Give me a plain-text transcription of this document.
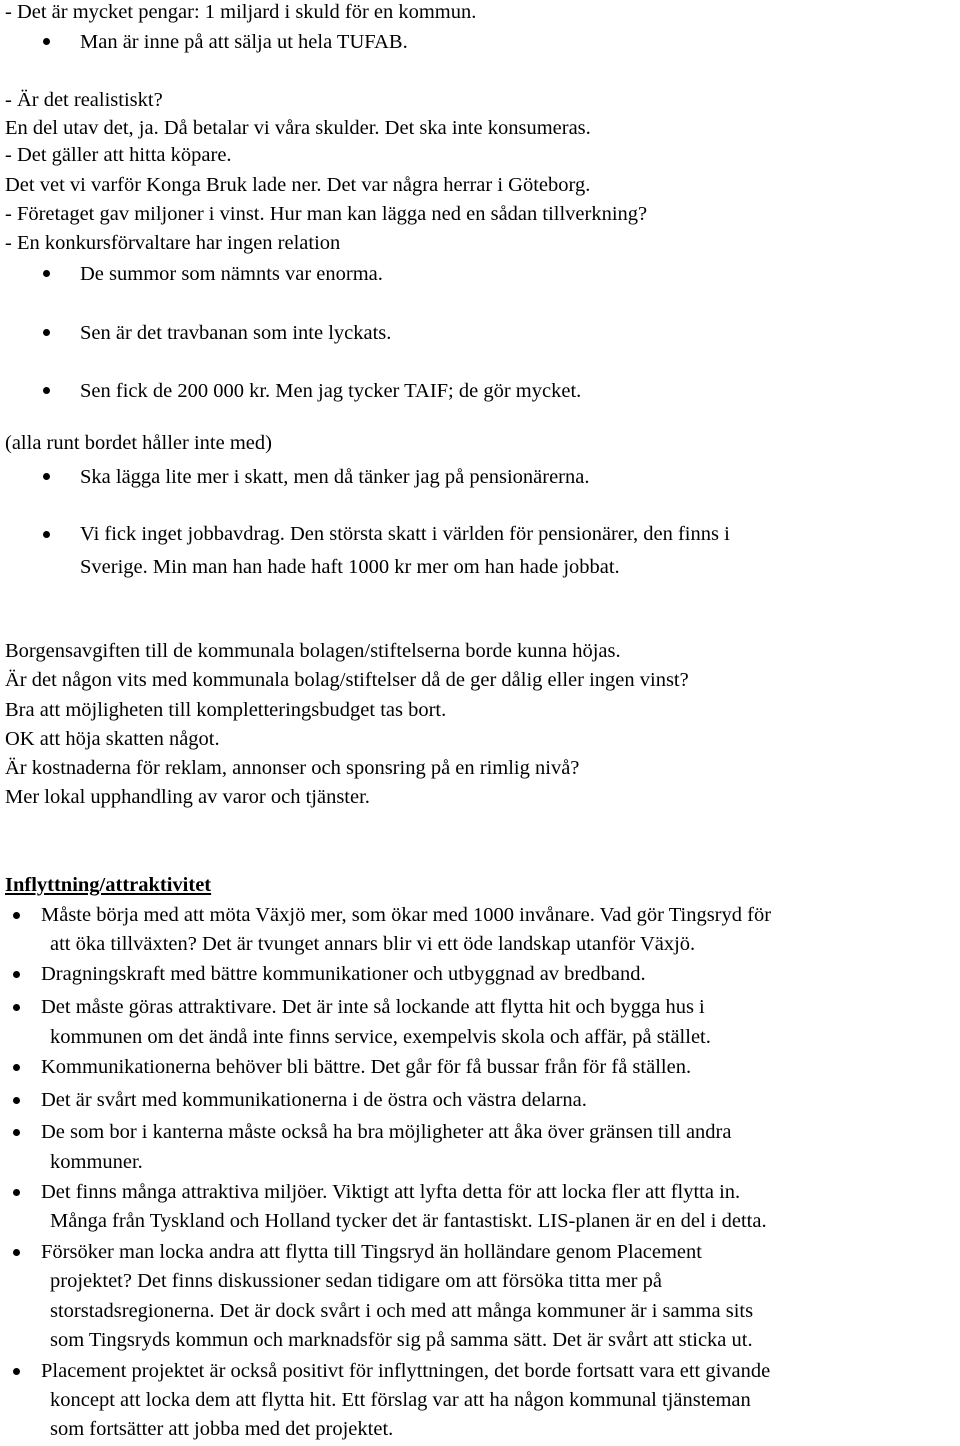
- Det är mycket pengar: 1 miljard i skuld för en kommun.
Man är inne på att sälja ut hela TUFAB.
- Är det realistiskt?
En del utav det, ja. Då betalar vi våra skulder. Det ska inte konsumeras.
- Det gäller att hitta köpare.
Det vet vi varför Konga Bruk lade ner. Det var några herrar i Göteborg.
- Företaget gav miljoner i vinst. Hur man kan lägga ned en sådan tillverkning?
- En konkursförvaltare har ingen relation
De summor som nämnts var enorma.
Sen är det travbanan som inte lyckats.
Sen fick de 200 000 kr. Men jag tycker TAIF; de gör mycket.
(alla runt bordet håller inte med)
Ska lägga lite mer i skatt, men då tänker jag på pensionärerna.
Vi fick inget jobbavdrag. Den största skatt i världen för pensionärer, den finns i
Sverige. Min man han hade haft 1000 kr mer om han hade jobbat.
Borgensavgiften till de kommunala bolagen/stiftelserna borde kunna höjas.
Är det någon vits med kommunala bolag/stiftelser då de ger dålig eller ingen vinst?
Bra att möjligheten till kompletteringsbudget tas bort.
OK att höja skatten något.
Är kostnaderna för reklam, annonser och sponsring på en rimlig nivå?
Mer lokal upphandling av varor och tjänster.
Inflyttning/attraktivitet
Måste börja med att möta Växjö mer, som ökar med 1000 invånare. Vad gör Tingsryd för
att öka tillväxten? Det är tvunget annars blir vi ett öde landskap utanför Växjö.
Dragningskraft med bättre kommunikationer och utbyggnad av bredband.
Det måste göras attraktivare. Det är inte så lockande att flytta hit och bygga hus i
kommunen om det ändå inte finns service, exempelvis skola och affär, på stället.
Kommunikationerna behöver bli bättre. Det går för få bussar från för få ställen.
Det är svårt med kommunikationerna i de östra och västra delarna.
De som bor i kanterna måste också ha bra möjligheter att åka över gränsen till andra
kommuner.
Det finns många attraktiva miljöer. Viktigt att lyfta detta för att locka fler att flytta in.
Många från Tyskland och Holland tycker det är fantastiskt. LIS-planen är en del i detta.
Försöker man locka andra att flytta till Tingsryd än holländare genom Placement
projektet? Det finns diskussioner sedan tidigare om att försöka titta mer på
storstadsregionerna. Det är dock svårt i och med att många kommuner är i samma sits
som Tingsryds kommun och marknadsför sig på samma sätt. Det är svårt att sticka ut.
Placement projektet är också positivt för inflyttningen, det borde fortsatt vara ett givande
koncept att locka dem att flytta hit. Ett förslag var att ha någon kommunal tjänsteman
som fortsätter att jobba med det projektet.
